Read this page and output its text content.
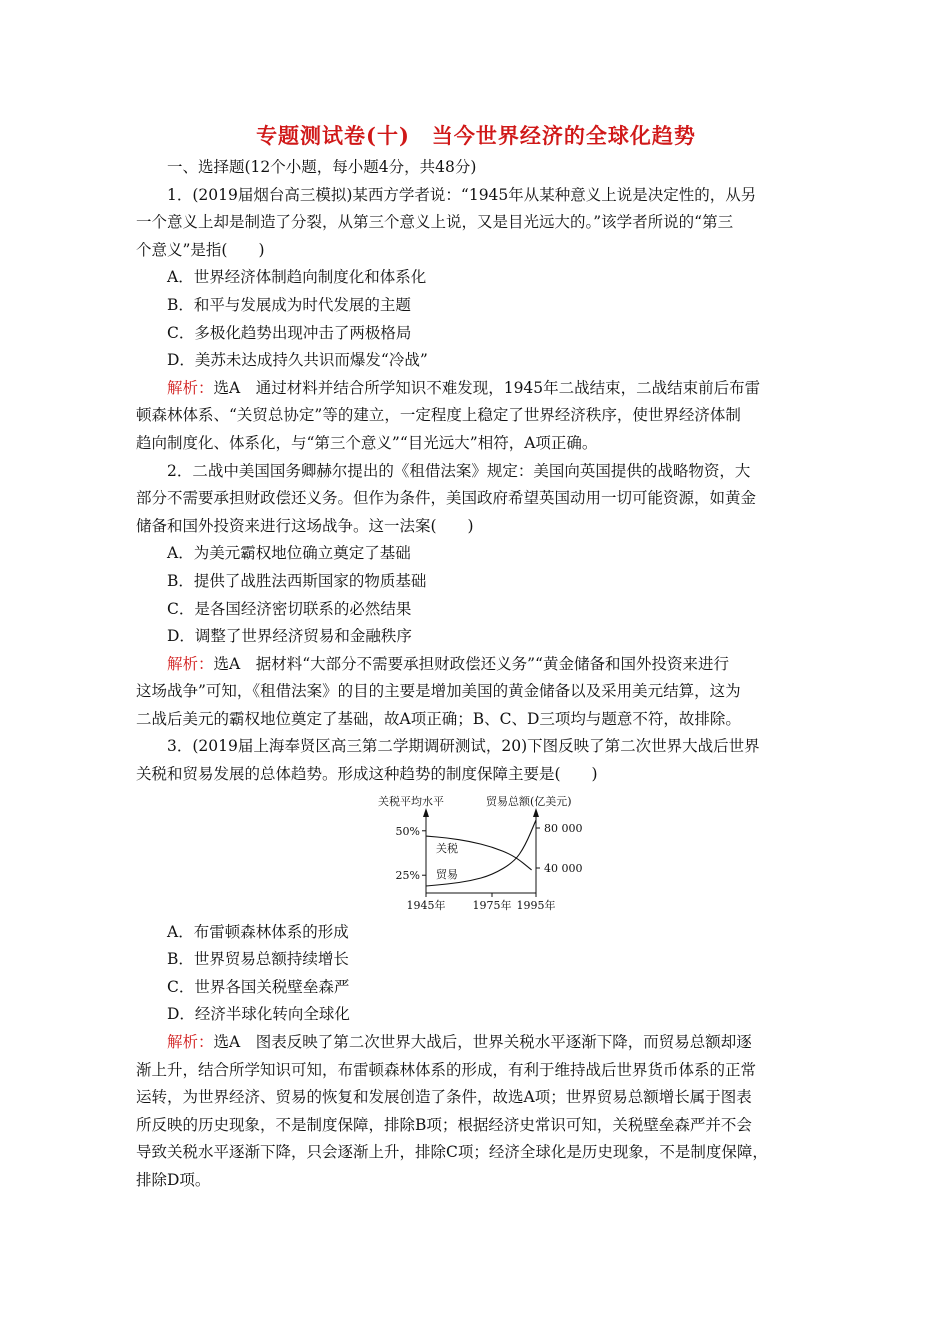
专题测试卷(十)　当今世界经济的全球化趋势
一、选择题(12个小题，每小题4分，共48分)
1．(2019届烟台高三模拟)某西方学者说：“1945年从某种意义上说是决定性的，从另
一个意义上却是制造了分裂，从第三个意义上说，又是目光远大的。”该学者所说的“第三
个意义”是指(　　)
A．世界经济体制趋向制度化和体系化
B．和平与发展成为时代发展的主题
C．多极化趋势出现冲击了两极格局
D．美苏未达成持久共识而爆发“冷战”
解析：选A　通过材料并结合所学知识不难发现，1945年二战结束，二战结束前后布雷
顿森林体系、“关贸总协定”等的建立，一定程度上稳定了世界经济秩序，使世界经济体制
趋向制度化、体系化，与“第三个意义”“目光远大”相符，A项正确。
2．二战中美国国务卿赫尔提出的《租借法案》规定：美国向英国提供的战略物资，大
部分不需要承担财政偿还义务。但作为条件，美国政府希望英国动用一切可能资源，如黄金
储备和国外投资来进行这场战争。这一法案(　　)
A．为美元霸权地位确立奠定了基础
B．提供了战胜法西斯国家的物质基础
C．是各国经济密切联系的必然结果
D．调整了世界经济贸易和金融秩序
解析：选A　据材料“大部分不需要承担财政偿还义务”“黄金储备和国外投资来进行
这场战争”可知，《租借法案》的目的主要是增加美国的黄金储备以及采用美元结算，这为
二战后美元的霸权地位奠定了基础，故A项正确；B、C、D三项均与题意不符，故排除。
3．(2019届上海奉贤区高三第二学期调研测试，20)下图反映了第二次世界大战后世界
关税和贸易发展的总体趋势。形成这种趋势的制度保障主要是(　　)
关税平均水平	贸易总额(亿美元)
50%
25%
80 000
40 000
1945年 1975年 1995年
关税
贸易
A．布雷顿森林体系的形成
B．世界贸易总额持续增长
C．世界各国关税壁垒森严
D．经济半球化转向全球化
解析：选A　图表反映了第二次世界大战后，世界关税水平逐渐下降，而贸易总额却逐
渐上升，结合所学知识可知，布雷顿森林体系的形成，有利于维持战后世界货币体系的正常
运转，为世界经济、贸易的恢复和发展创造了条件，故选A项；世界贸易总额增长属于图表
所反映的历史现象，不是制度保障，排除B项；根据经济史常识可知，关税壁垒森严并不会
导致关税水平逐渐下降，只会逐渐上升，排除C项；经济全球化是历史现象，不是制度保障，
排除D项。
